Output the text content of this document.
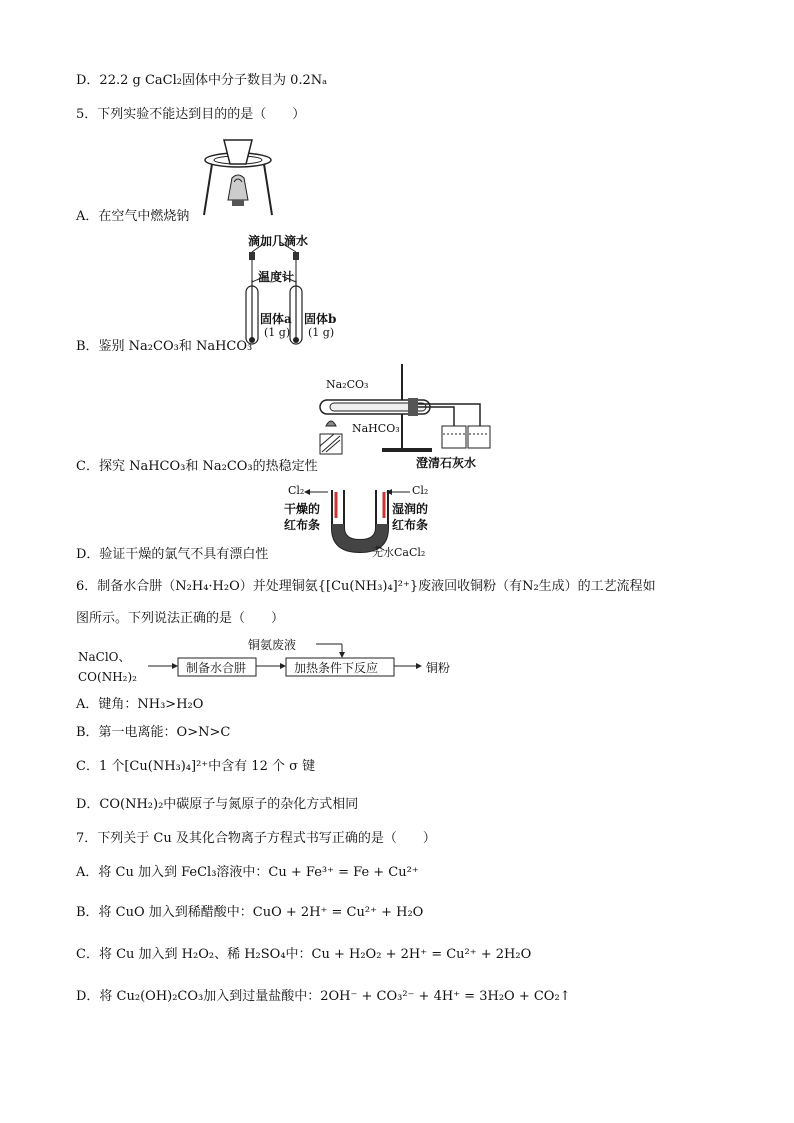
D．22.2 g CaCl₂固体中分子数目为 0.2Nₐ
5．下列实验不能达到目的的是（　　）
A．在空气中燃烧钠
滴加几滴水
温度计
固体a
(1 g)
固体b
(1 g)
B．鉴别 Na₂CO₃和 NaHCO₃
Na₂CO₃
NaHCO₃
澄清石灰水
C．探究 NaHCO₃和 Na₂CO₃的热稳定性
Cl₂	Cl₂
干燥的
红布条
湿润的
红布条
无水CaCl₂
D．验证干燥的氯气不具有漂白性
6．制备水合肼（N₂H₄·H₂O）并处理铜氨{[Cu(NH₃)₄]²⁺}废液回收铜粉（有N₂生成）的工艺流程如
图所示。下列说法正确的是（　　）
NaClO、
CO(NH₂)₂
制备水合肼
铜氨废液
加热条件下反应	铜粉
A．键角：NH₃>H₂O
B．第一电离能：O>N>C
C．1 个[Cu(NH₃)₄]²⁺中含有 12 个 σ 键
D．CO(NH₂)₂中碳原子与氮原子的杂化方式相同
7．下列关于 Cu 及其化合物离子方程式书写正确的是（　　）
A．将 Cu 加入到 FeCl₃溶液中：Cu + Fe³⁺ = Fe + Cu²⁺
B．将 CuO 加入到稀醋酸中：CuO + 2H⁺ = Cu²⁺ + H₂O
C．将 Cu 加入到 H₂O₂、稀 H₂SO₄中：Cu + H₂O₂ + 2H⁺ = Cu²⁺ + 2H₂O
D．将 Cu₂(OH)₂CO₃加入到过量盐酸中：2OH⁻ + CO₃²⁻ + 4H⁺ = 3H₂O + CO₂↑
